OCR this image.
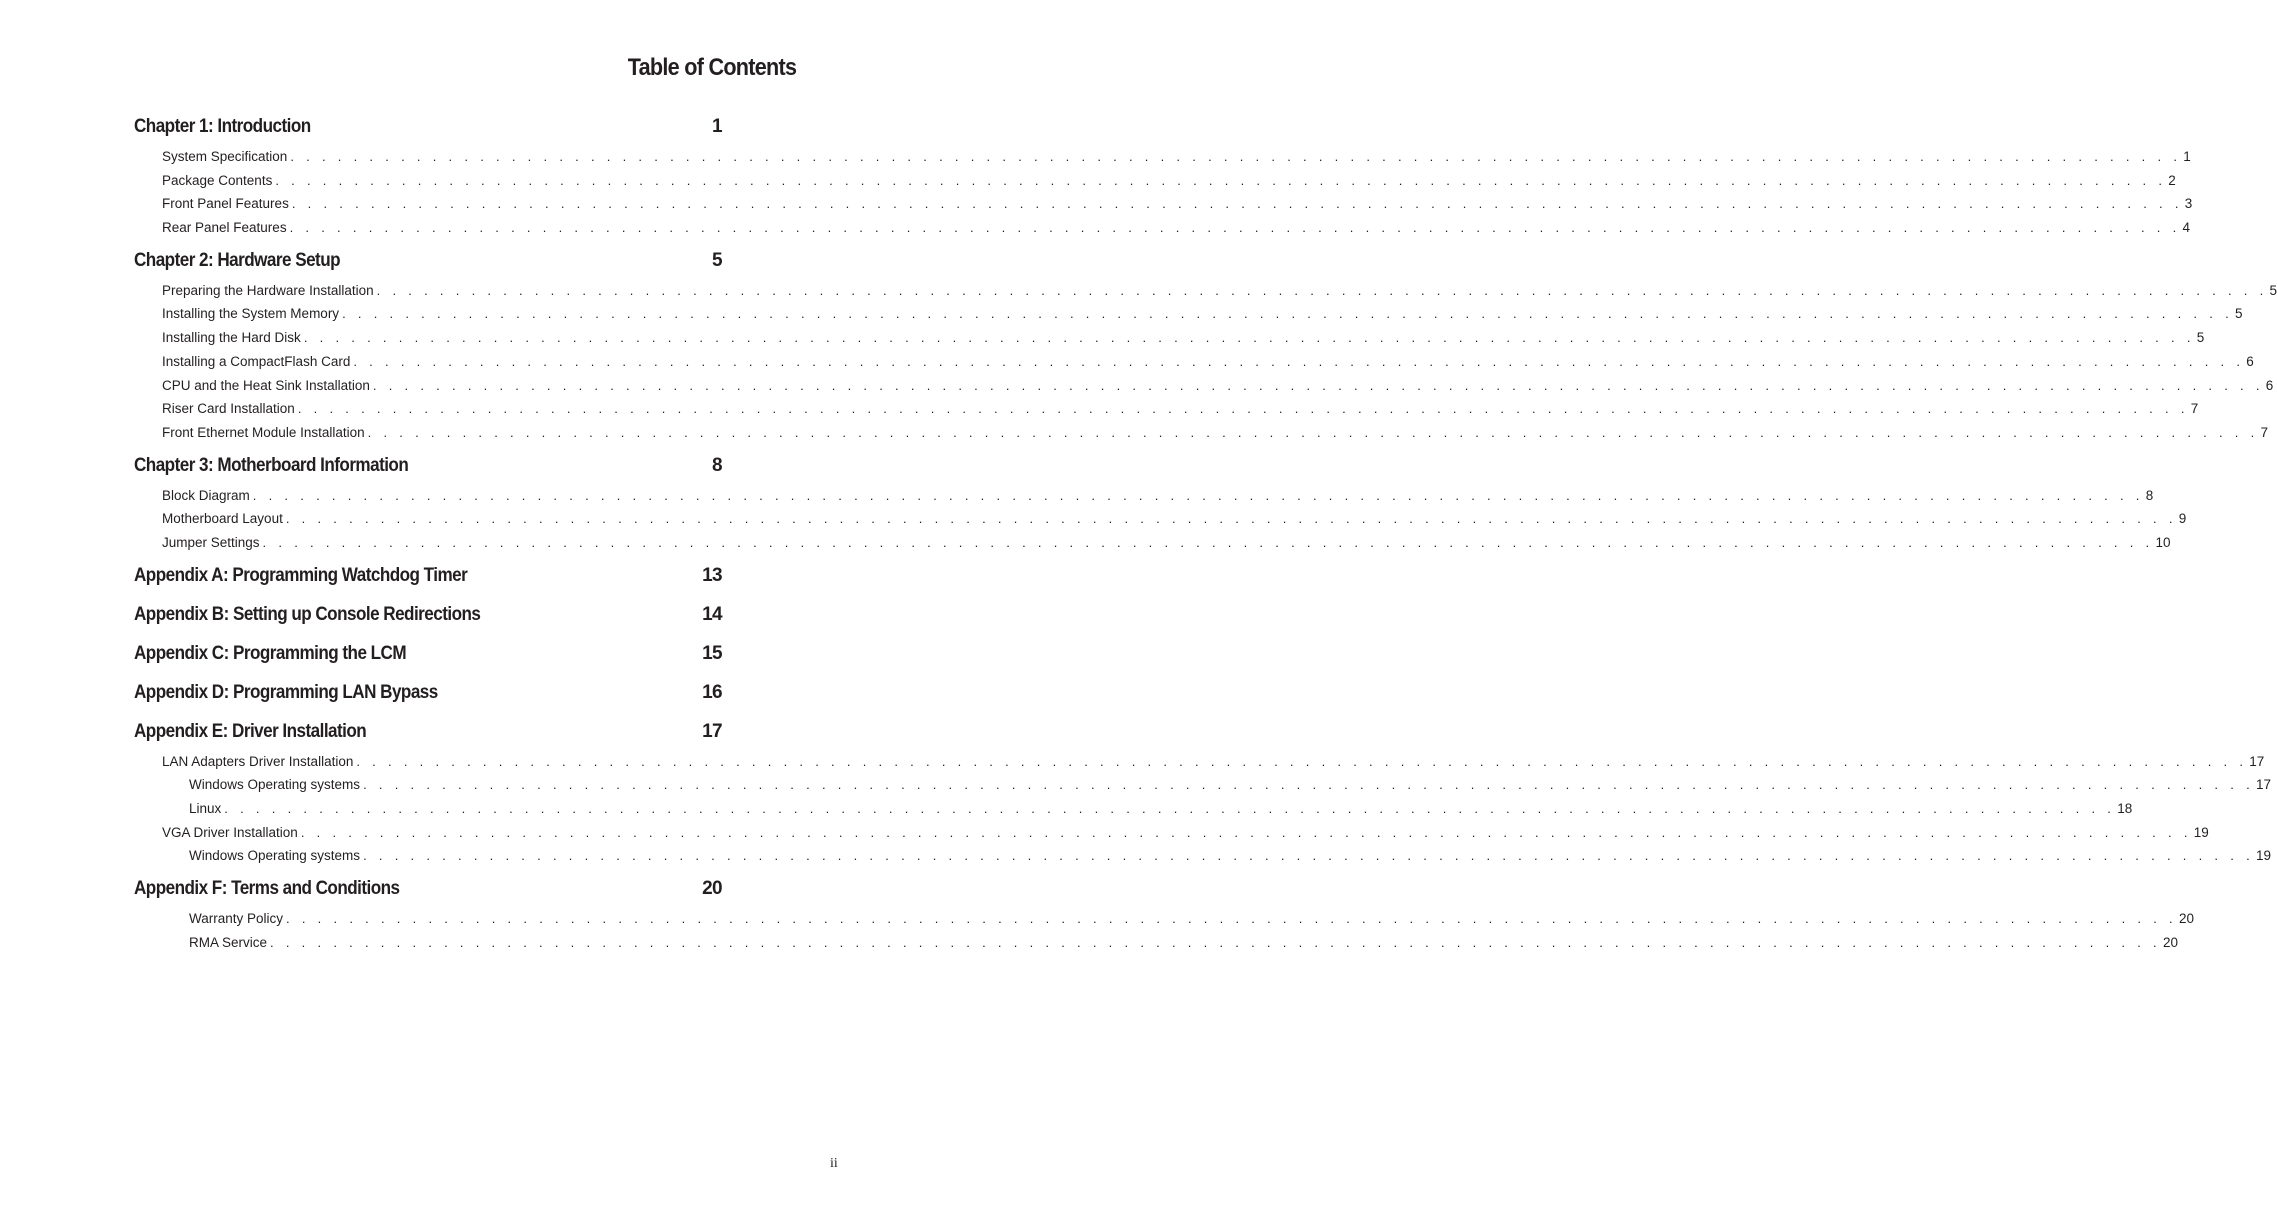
Table of Contents
Chapter 1: Introduction	1
System Specification . . . . . . . . . . . . . . . . . . . . . . . . . . . . . . . . . . . . . . . . . . . . . . . . . . . . . . . . . . . . . . . . . . . . . . . . . . . . . . . . . . . . . . . . . . . . . . . . . . . . . . . . . . . . . . . . . . . . . . . . 1
Package Contents . . . . . . . . . . . . . . . . . . . . . . . . . . . . . . . . . . . . . . . . . . . . . . . . . . . . . . . . . . . . . . . . . . . . . . . . . . . . . . . . . . . . . . . . . . . . . . . . . . . . . . . . . . . . . . . . . . . . . . . . 2
Front Panel Features . . . . . . . . . . . . . . . . . . . . . . . . . . . . . . . . . . . . . . . . . . . . . . . . . . . . . . . . . . . . . . . . . . . . . . . . . . . . . . . . . . . . . . . . . . . . . . . . . . . . . . . . . . . . . . . . . . . . . . . . 3
Rear Panel Features . . . . . . . . . . . . . . . . . . . . . . . . . . . . . . . . . . . . . . . . . . . . . . . . . . . . . . . . . . . . . . . . . . . . . . . . . . . . . . . . . . . . . . . . . . . . . . . . . . . . . . . . . . . . . . . . . . . . . . . . 4
Chapter 2: Hardware Setup	5
Preparing the Hardware Installation . . . . . . . . . . . . . . . . . . . . . . . . . . . . . . . . . . . . . . . . . . . . . . . . . . . . . . . . . . . . . . . . . . . . . . . . . . . . . . . . . . . . . . . . . . . . . . . . . . . . . . . . . . . . . . . . . . . . . . . . 5
Installing the System Memory . . . . . . . . . . . . . . . . . . . . . . . . . . . . . . . . . . . . . . . . . . . . . . . . . . . . . . . . . . . . . . . . . . . . . . . . . . . . . . . . . . . . . . . . . . . . . . . . . . . . . . . . . . . . . . . . . . . . . . . . 5
Installing the Hard Disk . . . . . . . . . . . . . . . . . . . . . . . . . . . . . . . . . . . . . . . . . . . . . . . . . . . . . . . . . . . . . . . . . . . . . . . . . . . . . . . . . . . . . . . . . . . . . . . . . . . . . . . . . . . . . . . . . . . . . . . . 5
Installing a CompactFlash Card . . . . . . . . . . . . . . . . . . . . . . . . . . . . . . . . . . . . . . . . . . . . . . . . . . . . . . . . . . . . . . . . . . . . . . . . . . . . . . . . . . . . . . . . . . . . . . . . . . . . . . . . . . . . . . . . . . . . . . . . 6
CPU and the Heat Sink Installation . . . . . . . . . . . . . . . . . . . . . . . . . . . . . . . . . . . . . . . . . . . . . . . . . . . . . . . . . . . . . . . . . . . . . . . . . . . . . . . . . . . . . . . . . . . . . . . . . . . . . . . . . . . . . . . . . . . . . . . . 6
Riser Card Installation . . . . . . . . . . . . . . . . . . . . . . . . . . . . . . . . . . . . . . . . . . . . . . . . . . . . . . . . . . . . . . . . . . . . . . . . . . . . . . . . . . . . . . . . . . . . . . . . . . . . . . . . . . . . . . . . . . . . . . . . 7
Front Ethernet Module Installation . . . . . . . . . . . . . . . . . . . . . . . . . . . . . . . . . . . . . . . . . . . . . . . . . . . . . . . . . . . . . . . . . . . . . . . . . . . . . . . . . . . . . . . . . . . . . . . . . . . . . . . . . . . . . . . . . . . . . . . . 7
Chapter 3: Motherboard Information	8
Block Diagram . . . . . . . . . . . . . . . . . . . . . . . . . . . . . . . . . . . . . . . . . . . . . . . . . . . . . . . . . . . . . . . . . . . . . . . . . . . . . . . . . . . . . . . . . . . . . . . . . . . . . . . . . . . . . . . . . . . . . . . . 8
Motherboard Layout . . . . . . . . . . . . . . . . . . . . . . . . . . . . . . . . . . . . . . . . . . . . . . . . . . . . . . . . . . . . . . . . . . . . . . . . . . . . . . . . . . . . . . . . . . . . . . . . . . . . . . . . . . . . . . . . . . . . . . . . 9
Jumper Settings . . . . . . . . . . . . . . . . . . . . . . . . . . . . . . . . . . . . . . . . . . . . . . . . . . . . . . . . . . . . . . . . . . . . . . . . . . . . . . . . . . . . . . . . . . . . . . . . . . . . . . . . . . . . . . . . . . . . . . . . 10
Appendix A: Programming Watchdog Timer	13
Appendix B: Setting up Console Redirections	14
Appendix C: Programming the LCM	15
Appendix D: Programming LAN Bypass	16
Appendix E: Driver Installation	17
LAN Adapters Driver Installation . . . . . . . . . . . . . . . . . . . . . . . . . . . . . . . . . . . . . . . . . . . . . . . . . . . . . . . . . . . . . . . . . . . . . . . . . . . . . . . . . . . . . . . . . . . . . . . . . . . . . . . . . . . . . . . . . . . . . . . . 17
Windows Operating systems . . . . . . . . . . . . . . . . . . . . . . . . . . . . . . . . . . . . . . . . . . . . . . . . . . . . . . . . . . . . . . . . . . . . . . . . . . . . . . . . . . . . . . . . . . . . . . . . . . . . . . . . . . . . . . . . . . . . . . . . 17
Linux . . . . . . . . . . . . . . . . . . . . . . . . . . . . . . . . . . . . . . . . . . . . . . . . . . . . . . . . . . . . . . . . . . . . . . . . . . . . . . . . . . . . . . . . . . . . . . . . . . . . . . . . . . . . . . . . . . . . . . . . 18
VGA Driver Installation . . . . . . . . . . . . . . . . . . . . . . . . . . . . . . . . . . . . . . . . . . . . . . . . . . . . . . . . . . . . . . . . . . . . . . . . . . . . . . . . . . . . . . . . . . . . . . . . . . . . . . . . . . . . . . . . . . . . . . . . 19
Windows Operating systems . . . . . . . . . . . . . . . . . . . . . . . . . . . . . . . . . . . . . . . . . . . . . . . . . . . . . . . . . . . . . . . . . . . . . . . . . . . . . . . . . . . . . . . . . . . . . . . . . . . . . . . . . . . . . . . . . . . . . . . . 19
Appendix F: Terms and Conditions	20
Warranty Policy . . . . . . . . . . . . . . . . . . . . . . . . . . . . . . . . . . . . . . . . . . . . . . . . . . . . . . . . . . . . . . . . . . . . . . . . . . . . . . . . . . . . . . . . . . . . . . . . . . . . . . . . . . . . . . . . . . . . . . . . 20
RMA Service . . . . . . . . . . . . . . . . . . . . . . . . . . . . . . . . . . . . . . . . . . . . . . . . . . . . . . . . . . . . . . . . . . . . . . . . . . . . . . . . . . . . . . . . . . . . . . . . . . . . . . . . . . . . . . . . . . . . . . . . 20
ii
